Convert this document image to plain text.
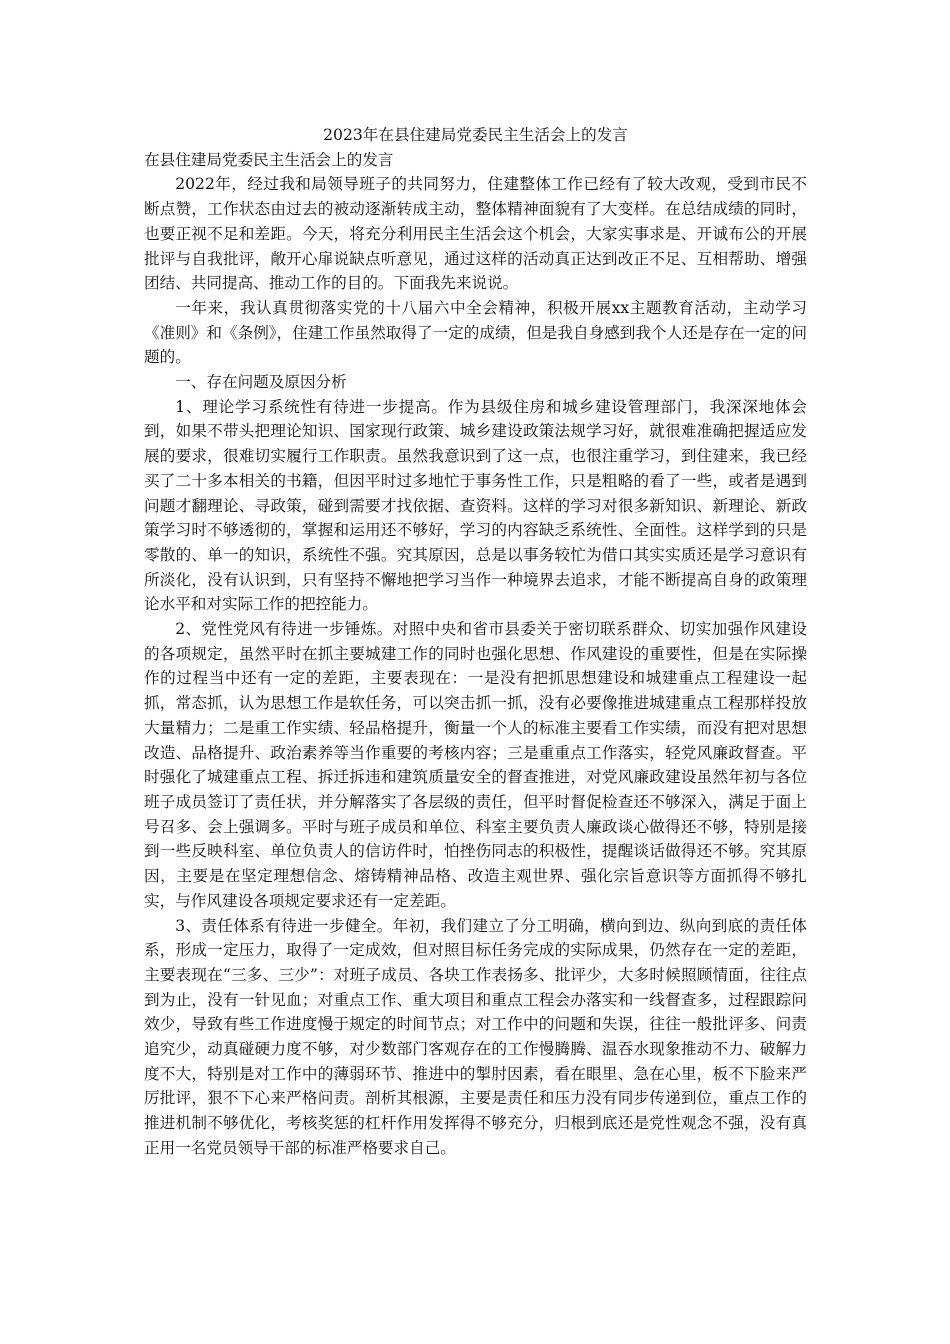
2023年在县住建局党委民主生活会上的发言

在县住建局党委民主生活会上的发言

2022年，经过我和局领导班子的共同努力，住建整体工作已经有了较大改观，受到市民不断点赞，工作状态由过去的被动逐渐转成主动，整体精神面貌有了大变样。在总结成绩的同时，也要正视不足和差距。今天，将充分利用民主生活会这个机会，大家实事求是、开诚布公的开展批评与自我批评，敞开心扉说缺点听意见，通过这样的活动真正达到改正不足、互相帮助、增强团结、共同提高、推动工作的目的。下面我先来说说。

一年来，我认真贯彻落实党的十八届六中全会精神，积极开展xx主题教育活动，主动学习《准则》和《条例》，住建工作虽然取得了一定的成绩，但是我自身感到我个人还是存在一定的问题的。

一、存在问题及原因分析

1、理论学习系统性有待进一步提高。作为县级住房和城乡建设管理部门，我深深地体会到，如果不带头把理论知识、国家现行政策、城乡建设政策法规学习好，就很难准确把握适应发展的要求，很难切实履行工作职责。虽然我意识到了这一点，也很注重学习，到住建来，我已经买了二十多本相关的书籍，但因平时过多地忙于事务性工作，只是粗略的看了一些，或者是遇到问题才翻理论、寻政策，碰到需要才找依据、查资料。这样的学习对很多新知识、新理论、新政策学习时不够透彻的，掌握和运用还不够好，学习的内容缺乏系统性、全面性。这样学到的只是零散的、单一的知识，系统性不强。究其原因，总是以事务较忙为借口其实实质还是学习意识有所淡化，没有认识到，只有坚持不懈地把学习当作一种境界去追求，才能不断提高自身的政策理论水平和对实际工作的把控能力。

2、党性党风有待进一步锤炼。对照中央和省市县委关于密切联系群众、切实加强作风建设的各项规定，虽然平时在抓主要城建工作的同时也强化思想、作风建设的重要性，但是在实际操作的过程当中还有一定的差距，主要表现在：一是没有把抓思想建设和城建重点工程建设一起抓，常态抓，认为思想工作是软任务，可以突击抓一抓，没有必要像推进城建重点工程那样投放大量精力；二是重工作实绩、轻品格提升，衡量一个人的标准主要看工作实绩，而没有把对思想改造、品格提升、政治素养等当作重要的考核内容；三是重重点工作落实，轻党风廉政督查。平时强化了城建重点工程、拆迁拆违和建筑质量安全的督查推进，对党风廉政建设虽然年初与各位班子成员签订了责任状，并分解落实了各层级的责任，但平时督促检查还不够深入，满足于面上号召多、会上强调多。平时与班子成员和单位、科室主要负责人廉政谈心做得还不够，特别是接到一些反映科室、单位负责人的信访件时，怕挫伤同志的积极性，提醒谈话做得还不够。究其原因，主要是在坚定理想信念、熔铸精神品格、改造主观世界、强化宗旨意识等方面抓得不够扎实，与作风建设各项规定要求还有一定差距。

3、责任体系有待进一步健全。年初，我们建立了分工明确，横向到边、纵向到底的责任体系，形成一定压力，取得了一定成效，但对照目标任务完成的实际成果，仍然存在一定的差距，主要表现在“三多、三少”：对班子成员、各块工作表扬多、批评少，大多时候照顾情面，往往点到为止，没有一针见血；对重点工作、重大项目和重点工程会办落实和一线督查多，过程跟踪问效少，导致有些工作进度慢于规定的时间节点；对工作中的问题和失误，往往一般批评多、问责追究少，动真碰硬力度不够，对少数部门客观存在的工作慢腾腾、温吞水现象推动不力、破解力度不大，特别是对工作中的薄弱环节、推进中的掣肘因素，看在眼里、急在心里，板不下脸来严厉批评，狠不下心来严格问责。剖析其根源，主要是责任和压力没有同步传递到位，重点工作的推进机制不够优化，考核奖惩的杠杆作用发挥得不够充分，归根到底还是党性观念不强，没有真正用一名党员领导干部的标准严格要求自己。
